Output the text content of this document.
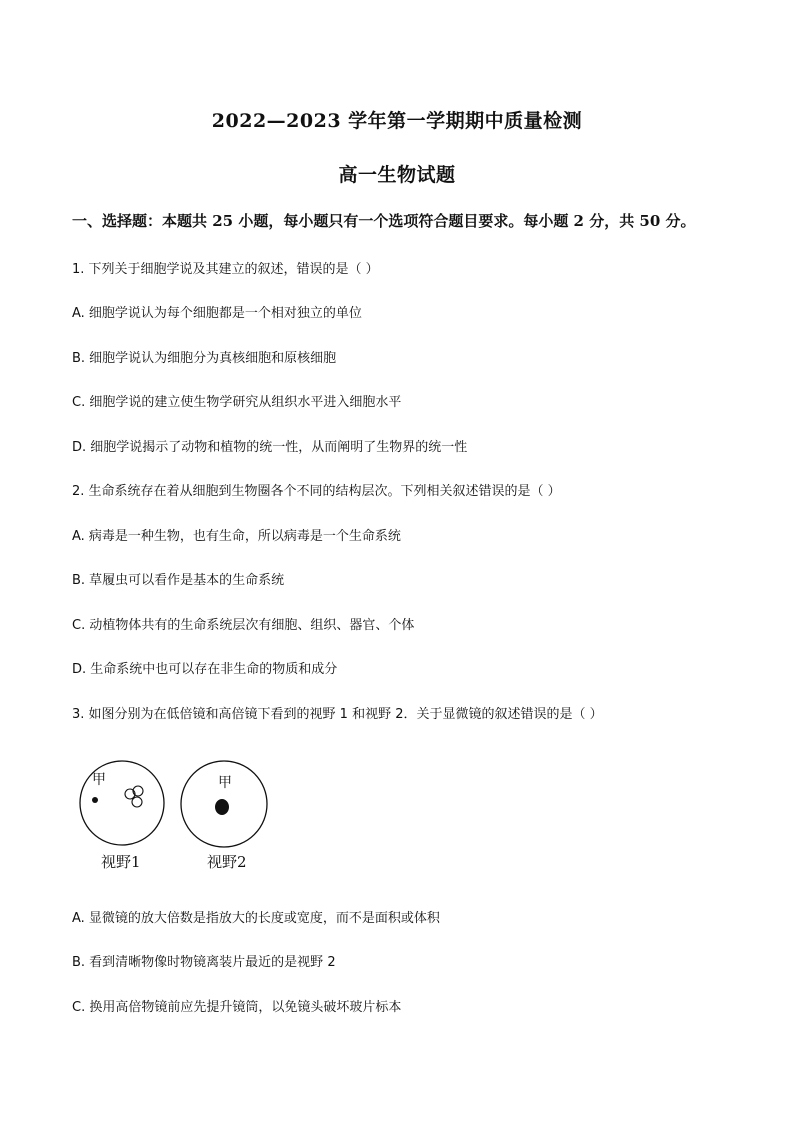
2022—2023 学年第一学期期中质量检测
高一生物试题
一、选择题：本题共 25 小题，每小题只有一个选项符合题目要求。每小题 2 分，共 50 分。
1. 下列关于细胞学说及其建立的叙述，错误的是（ ）
A. 细胞学说认为每个细胞都是一个相对独立的单位
B. 细胞学说认为细胞分为真核细胞和原核细胞
C. 细胞学说的建立使生物学研究从组织水平进入细胞水平
D. 细胞学说揭示了动物和植物的统一性，从而阐明了生物界的统一性
2. 生命系统存在着从细胞到生物圈各个不同的结构层次。下列相关叙述错误的是（ ）
A. 病毒是一种生物，也有生命，所以病毒是一个生命系统
B. 草履虫可以看作是基本的生命系统
C. 动植物体共有的生命系统层次有细胞、组织、器官、个体
D. 生命系统中也可以存在非生命的物质和成分
3. 如图分别为在低倍镜和高倍镜下看到的视野 1 和视野 2．关于显微镜的叙述错误的是（ ）
甲
视野1
甲
视野2
A. 显微镜的放大倍数是指放大的长度或宽度，而不是面积或体积
B. 看到清晰物像时物镜离装片最近的是视野 2
C. 换用高倍物镜前应先提升镜筒，以免镜头破坏玻片标本
